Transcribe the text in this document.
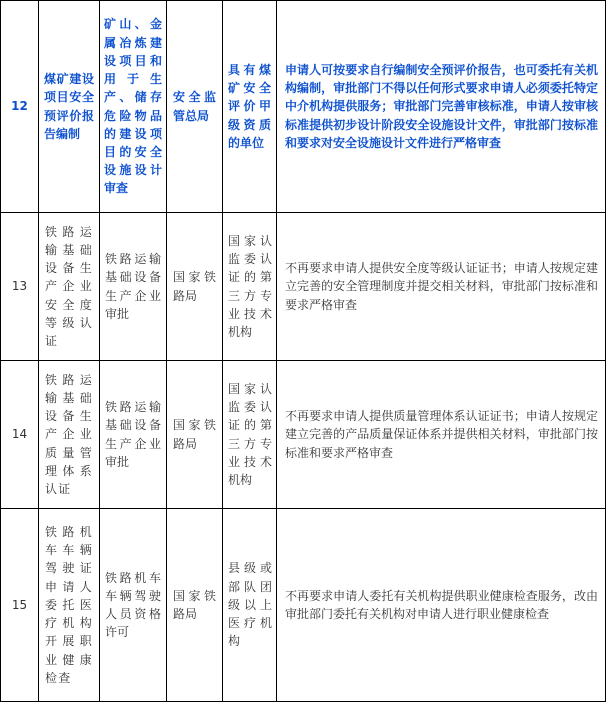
12
煤矿建设项目安全预评价报告编制
矿山、金属冶炼建设项目和用于生产、储存危险物品的建设项目的安全设施设计审查
安全监管总局
具有煤矿安全评价甲级资质的单位
申请人可按要求自行编制安全预评价报告，也可委托有关机构编制，审批部门不得以任何形式要求申请人必须委托特定中介机构提供服务；审批部门完善审核标准，申请人按审核标准提供初步设计阶段安全设施设计文件，审批部门按标准和要求对安全设施设计文件进行严格审查
13
铁路运输基础设备生产企业安全度等级认证
铁路运输基础设备生产企业审批
国家铁路局
国家认监委认证的第三方专业技术机构
不再要求申请人提供安全度等级认证证书；申请人按规定建立完善的安全管理制度并提交相关材料，审批部门按标准和要求严格审查
14
铁路运输基础设备生产企业质量管理体系认证
铁路运输基础设备生产企业审批
国家铁路局
国家认监委认证的第三方专业技术机构
不再要求申请人提供质量管理体系认证证书；申请人按规定建立完善的产品质量保证体系并提供相关材料，审批部门按标准和要求严格审查
15
铁路机车车辆驾驶证申请人委托医疗机构开展职业健康检查
铁路机车车辆驾驶人员资格许可
国家铁路局
县级或部队团级以上医疗机构
不再要求申请人委托有关机构提供职业健康检查服务，改由审批部门委托有关机构对申请人进行职业健康检查
